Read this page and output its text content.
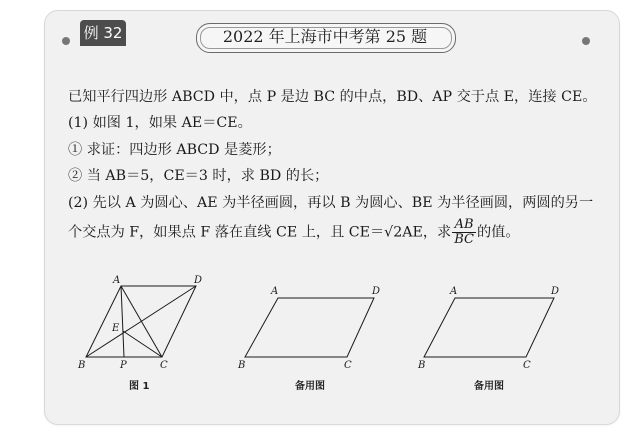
例 32	2022 年上海市中考第 25 题
已知平行四边形 ABCD 中，点 P 是边 BC 的中点，BD、AP 交于点 E，连接 CE。
(1) 如图 1，如果 AE＝CE。
① 求证：四边形 ABCD 是菱形；
② 当 AB＝5，CE＝3 时，求 BD 的长；
(2) 先以 A 为圆心、AE 为半径画圆，再以 B 为圆心、BE 为半径画圆，两圆的另一
个交点为 F，如果点 F 落在直线 CE 上，且 CE＝√2AE，求 $\frac{AB}{BC}$ 的值。
A	D
E
B	P	C
A	D
B	C
A	D
B	C
图 1	备用图	备用图
